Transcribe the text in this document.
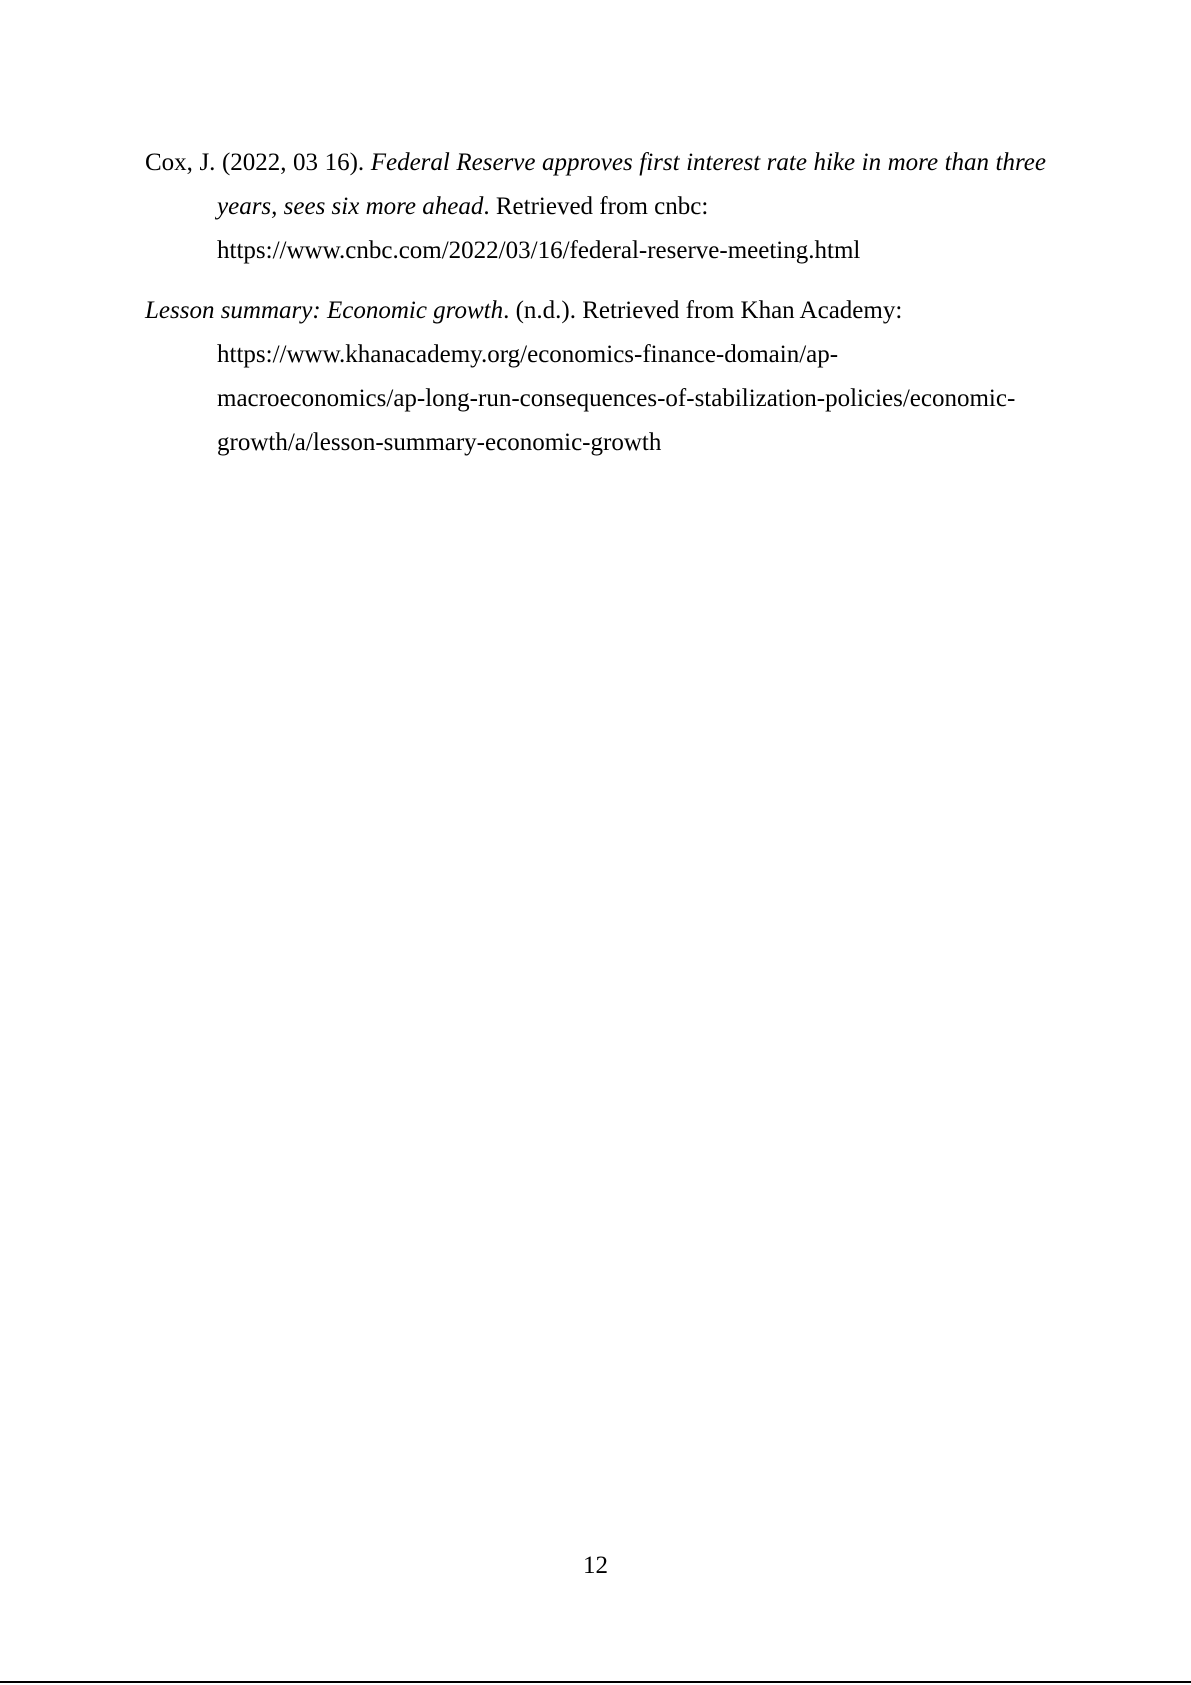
Cox, J. (2022, 03 16). Federal Reserve approves first interest rate hike in more than three years, sees six more ahead. Retrieved from cnbc:
https://www.cnbc.com/2022/03/16/federal-reserve-meeting.html

Lesson summary: Economic growth. (n.d.). Retrieved from Khan Academy:
https://www.khanacademy.org/economics-finance-domain/ap-
macroeconomics/ap-long-run-consequences-of-stabilization-policies/economic-
growth/a/lesson-summary-economic-growth

12
